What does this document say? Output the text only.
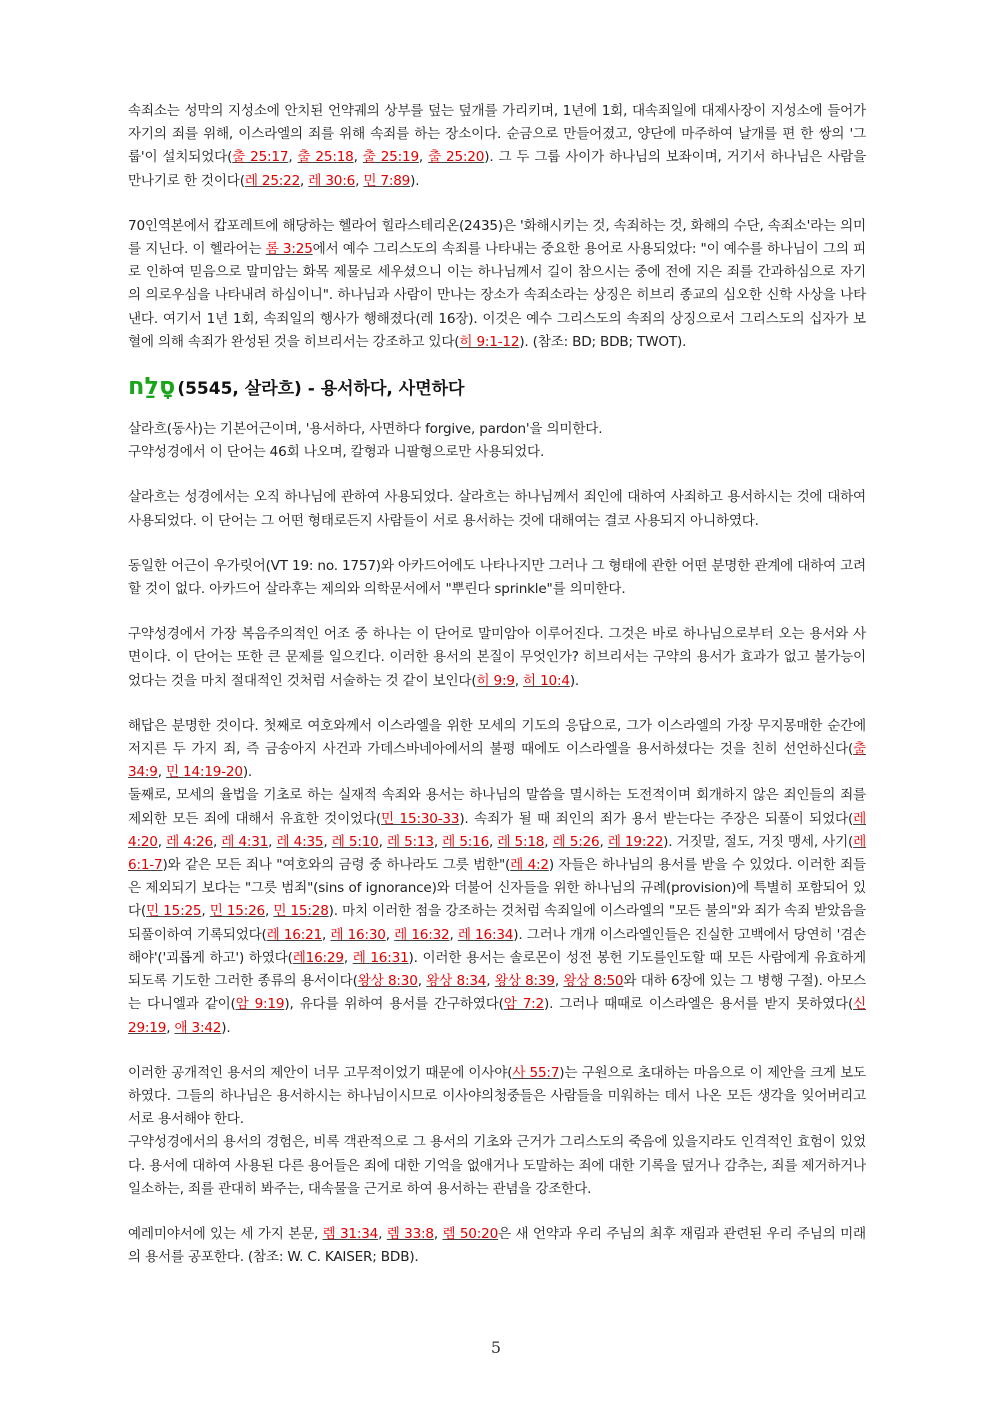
속죄소는 성막의 지성소에 안치된 언약궤의 상부를 덮는 덮개를 가리키며, 1년에 1회, 대속죄일에 대제사장이 지성소에 들어가 자기의 죄를 위해, 이스라엘의 죄를 위해 속죄를 하는 장소이다. 순금으로 만들어졌고, 양단에 마주하여 날개를 편 한 쌍의 '그룹'이 설치되었다(출 25:17, 출 25:18, 출 25:19, 출 25:20). 그 두 그룹 사이가 하나님의 보좌이며, 거기서 하나님은 사람을 만나기로 한 것이다(레 25:22, 레 30:6, 민 7:89).

70인역본에서 캅포레트에 해당하는 헬라어 힐라스테리온(2435)은 '화해시키는 것, 속죄하는 것, 화해의 수단, 속죄소'라는 의미를 지닌다. 이 헬라어는 롬 3:25에서 예수 그리스도의 속죄를 나타내는 중요한 용어로 사용되었다: "이 예수를 하나님이 그의 피로 인하여 믿음으로 말미암는 화목 제물로 세우셨으니 이는 하나님께서 길이 참으시는 중에 전에 지은 죄를 간과하심으로 자기의 의로우심을 나타내려 하심이니". 하나님과 사람이 만나는 장소가 속죄소라는 상징은 히브리 종교의 심오한 신학 사상을 나타낸다. 여기서 1년 1회, 속죄일의 행사가 행해졌다(레 16장). 이것은 예수 그리스도의 속죄의 상징으로서 그리스도의 십자가 보혈에 의해 속죄가 완성된 것을 히브리서는 강조하고 있다(히 9:1-12). (참조: BD; BDB; TWOT).

סָלַח (5545, 살라흐) - 용서하다, 사면하다

살라흐(동사)는 기본어근이며, '용서하다, 사면하다 forgive, pardon'을 의미한다.

구약성경에서 이 단어는 46회 나오며, 칼형과 니팔형으로만 사용되었다.

살라흐는 성경에서는 오직 하나님에 관하여 사용되었다. 살라흐는 하나님께서 죄인에 대하여 사죄하고 용서하시는 것에 대하여 사용되었다. 이 단어는 그 어떤 형태로든지 사람들이 서로 용서하는 것에 대해여는 결코 사용되지 아니하였다.

동일한 어근이 우가릿어(VT 19: no. 1757)와 아카드어에도 나타나지만 그러나 그 형태에 관한 어떤 분명한 관계에 대하여 고려할 것이 없다. 아카드어 살라후는 제의와 의학문서에서 "뿌린다 sprinkle"를 의미한다.

구약성경에서 가장 복음주의적인 어조 중 하나는 이 단어로 말미암아 이루어진다. 그것은 바로 하나님으로부터 오는 용서와 사면이다. 이 단어는 또한 큰 문제를 일으킨다. 이러한 용서의 본질이 무엇인가? 히브리서는 구약의 용서가 효과가 없고 불가능이었다는 것을 마치 절대적인 것처럼 서술하는 것 같이 보인다(히 9:9, 히 10:4).

해답은 분명한 것이다. 첫째로 여호와께서 이스라엘을 위한 모세의 기도의 응답으로, 그가 이스라엘의 가장 무지몽매한 순간에 저지른 두 가지 죄, 즉 금송아지 사건과 가데스바네아에서의 불평 때에도 이스라엘을 용서하셨다는 것을 친히 선언하신다(출 34:9, 민 14:19-20).

둘째로, 모세의 율법을 기초로 하는 실재적 속죄와 용서는 하나님의 말씀을 멸시하는 도전적이며 회개하지 않은 죄인들의 죄를 제외한 모든 죄에 대해서 유효한 것이었다(민 15:30-33). 속죄가 될 때 죄인의 죄가 용서 받는다는 주장은 되풀이 되었다(레 4:20, 레 4:26, 레 4:31, 레 4:35, 레 5:10, 레 5:13, 레 5:16, 레 5:18, 레 5:26, 레 19:22). 거짓말, 절도, 거짓 맹세, 사기(레 6:1-7)와 같은 모든 죄나 "여호와의 금령 중 하나라도 그릇 범한"(레 4:2) 자들은 하나님의 용서를 받을 수 있었다. 이러한 죄들은 제외되기 보다는 "그릇 범죄"(sins of ignorance)와 더불어 신자들을 위한 하나님의 규례(provision)에 특별히 포함되어 있다(민 15:25, 민 15:26, 민 15:28). 마치 이러한 점을 강조하는 것처럼 속죄일에 이스라엘의 "모든 불의"와 죄가 속죄 받았음을 되풀이하여 기록되었다(레 16:21, 레 16:30, 레 16:32, 레 16:34). 그러나 개개 이스라엘인들은 진실한 고백에서 당연히 '겸손해야'('괴롭게 하고') 하였다(레16:29, 레 16:31). 이러한 용서는 솔로몬이 성전 봉헌 기도를인도할 때 모든 사람에게 유효하게 되도록 기도한 그러한 종류의 용서이다(왕상 8:30, 왕상 8:34, 왕상 8:39, 왕상 8:50와 대하 6장에 있는 그 병행 구절). 아모스는 다니엘과 같이(암 9:19), 유다를 위하여 용서를 간구하였다(암 7:2). 그러나 때때로 이스라엘은 용서를 받지 못하였다(신 29:19, 애 3:42).

이러한 공개적인 용서의 제안이 너무 고무적이었기 때문에 이사야(사 55:7)는 구원으로 초대하는 마음으로 이 제안을 크게 보도하였다. 그들의 하나님은 용서하시는 하나님이시므로 이사야의청중들은 사람들을 미워하는 데서 나온 모든 생각을 잊어버리고 서로 용서해야 한다.

구약성경에서의 용서의 경험은, 비록 객관적으로 그 용서의 기초와 근거가 그리스도의 죽음에 있을지라도 인격적인 효험이 있었다. 용서에 대하여 사용된 다른 용어들은 죄에 대한 기억을 없애거나 도말하는 죄에 대한 기록을 덮거나 감추는, 죄를 제거하거나 일소하는, 죄를 관대히 봐주는, 대속물을 근거로 하여 용서하는 관념을 강조한다.

예레미야서에 있는 세 가지 본문, 렘 31:34, 렘 33:8, 렘 50:20은 새 언약과 우리 주님의 최후 재림과 관련된 우리 주님의 미래의 용서를 공포한다. (참조: W. C. KAISER; BDB).

5
